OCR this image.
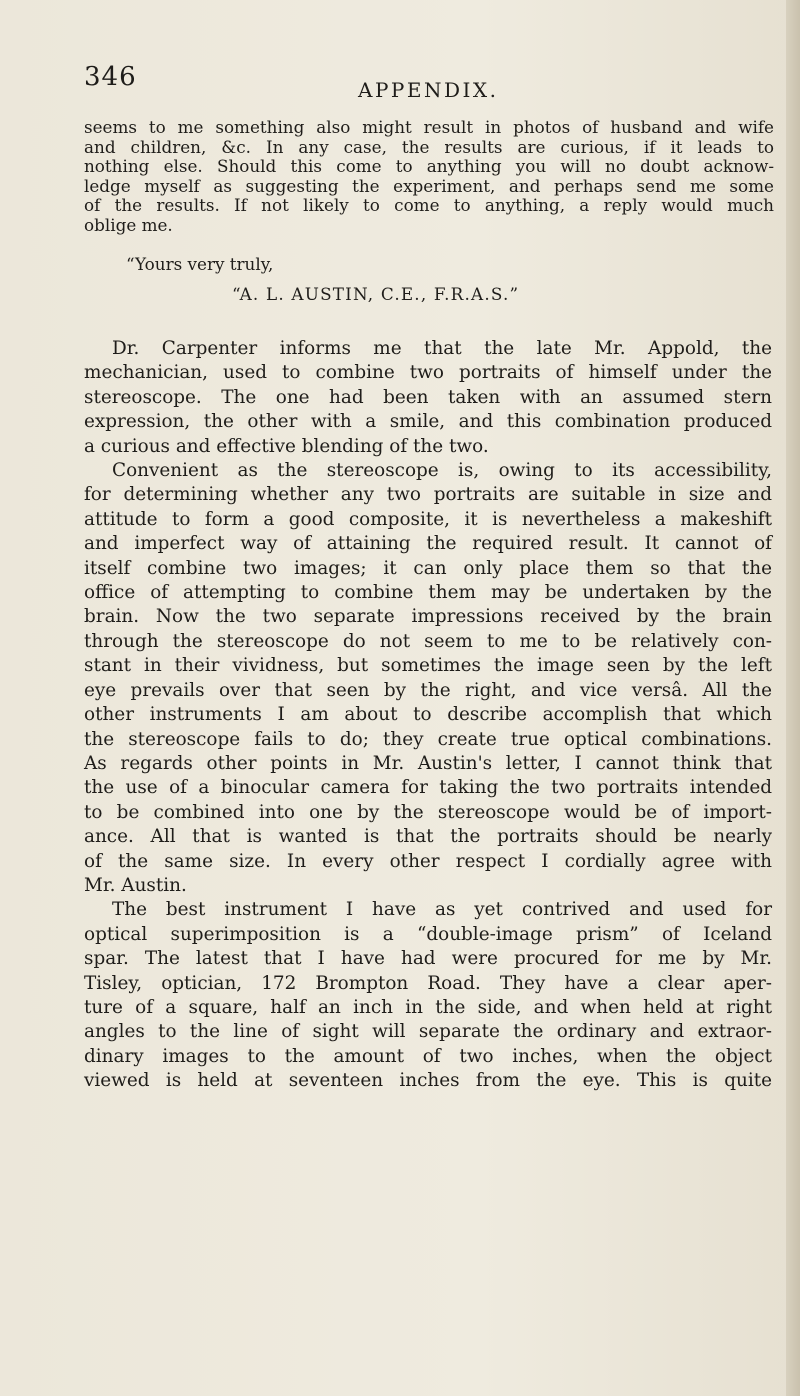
346	APPENDIX.
seems to me something also might result in photos of husband and wife
and children, &c. In any case, the results are curious, if it leads to
nothing else. Should this come to anything you will no doubt acknow-
ledge myself as suggesting the experiment, and perhaps send me some
of the results. If not likely to come to anything, a reply would much
oblige me.
“Yours very truly,
“A. L. AUSTIN, C.E., F.R.A.S.”
Dr. Carpenter informs me that the late Mr. Appold, the
mechanician, used to combine two portraits of himself under the
stereoscope. The one had been taken with an assumed stern
expression, the other with a smile, and this combination produced
a curious and effective blending of the two.
Convenient as the stereoscope is, owing to its accessibility,
for determining whether any two portraits are suitable in size and
attitude to form a good composite, it is nevertheless a makeshift
and imperfect way of attaining the required result. It cannot of
itself combine two images; it can only place them so that the
office of attempting to combine them may be undertaken by the
brain. Now the two separate impressions received by the brain
through the stereoscope do not seem to me to be relatively con-
stant in their vividness, but sometimes the image seen by the left
eye prevails over that seen by the right, and vice versâ. All the
other instruments I am about to describe accomplish that which
the stereoscope fails to do; they create true optical combinations.
As regards other points in Mr. Austin's letter, I cannot think that
the use of a binocular camera for taking the two portraits intended
to be combined into one by the stereoscope would be of import-
ance. All that is wanted is that the portraits should be nearly
of the same size. In every other respect I cordially agree with
Mr. Austin.
The best instrument I have as yet contrived and used for
optical superimposition is a “double-image prism” of Iceland
spar. The latest that I have had were procured for me by Mr.
Tisley, optician, 172 Brompton Road. They have a clear aper-
ture of a square, half an inch in the side, and when held at right
angles to the line of sight will separate the ordinary and extraor-
dinary images to the amount of two inches, when the object
viewed is held at seventeen inches from the eye. This is quite
